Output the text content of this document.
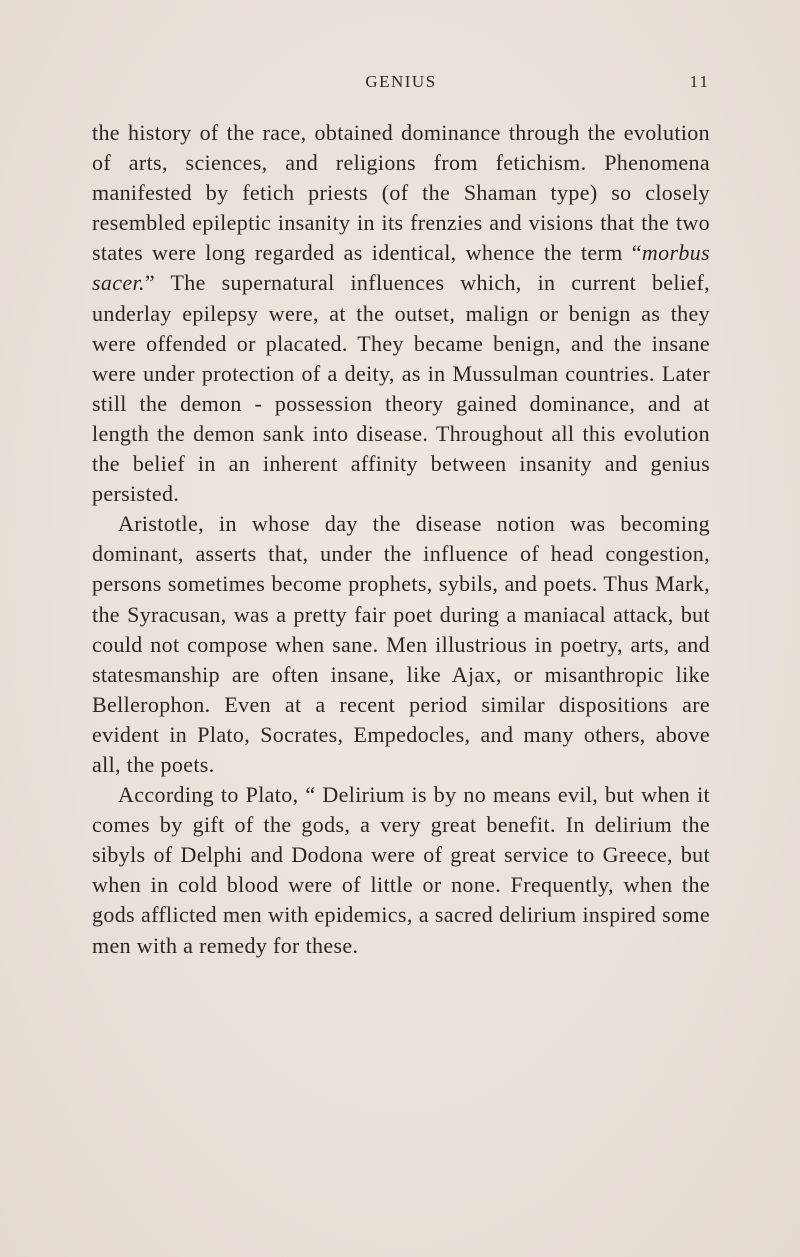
GENIUS	11

the history of the race, obtained dominance through the evolution of arts, sciences, and religions from fetichism. Phenomena manifested by fetich priests (of the Shaman type) so closely resembled epileptic insanity in its frenzies and visions that the two states were long regarded as identical, whence the term “morbus sacer.” The supernatural influences which, in current belief, underlay epilepsy were, at the outset, malign or benign as they were offended or placated. They became benign, and the insane were under protection of a deity, as in Mussulman countries. Later still the demon - possession theory gained dominance, and at length the demon sank into disease. Throughout all this evolution the belief in an inherent affinity between insanity and genius persisted.

Aristotle, in whose day the disease notion was becoming dominant, asserts that, under the influence of head congestion, persons sometimes become prophets, sybils, and poets. Thus Mark, the Syracusan, was a pretty fair poet during a maniacal attack, but could not compose when sane. Men illustrious in poetry, arts, and statesmanship are often insane, like Ajax, or misanthropic like Bellerophon. Even at a recent period similar dispositions are evident in Plato, Socrates, Empedocles, and many others, above all, the poets.

According to Plato, “ Delirium is by no means evil, but when it comes by gift of the gods, a very great benefit. In delirium the sibyls of Delphi and Dodona were of great service to Greece, but when in cold blood were of little or none. Frequently, when the gods afflicted men with epidemics, a sacred delirium inspired some men with a remedy for these.
